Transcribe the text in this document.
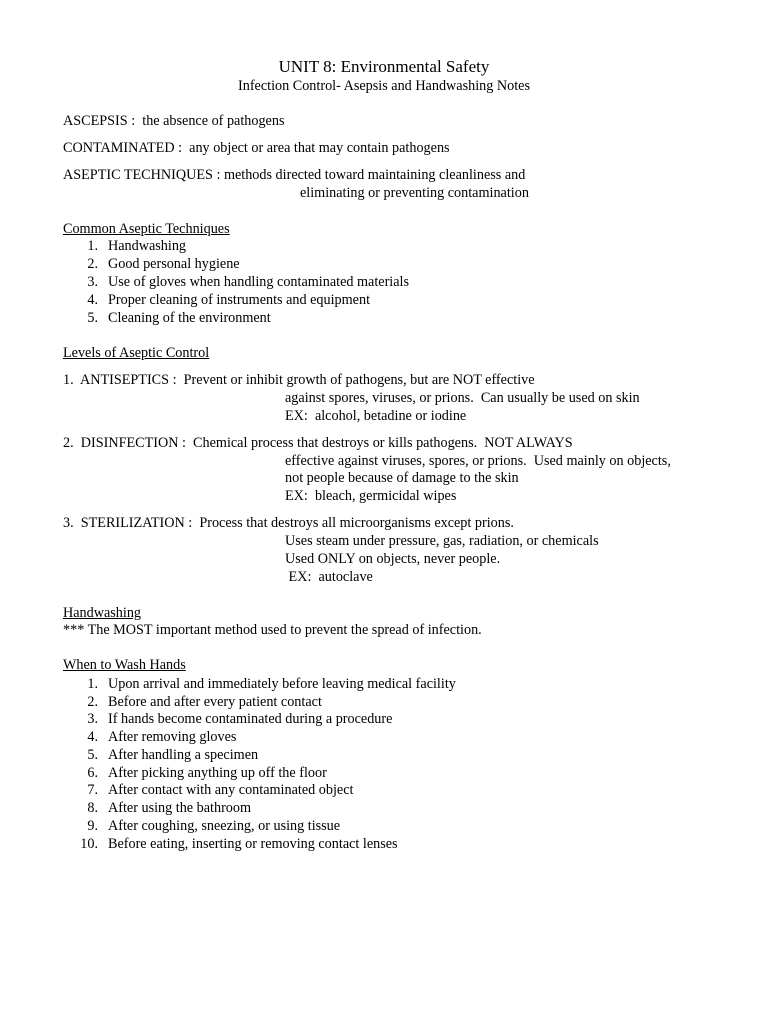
UNIT 8: Environmental Safety
Infection Control- Asepsis and Handwashing Notes
ASCEPSIS : the absence of pathogens
CONTAMINATED : any object or area that may contain pathogens
ASEPTIC TECHNIQUES : methods directed toward maintaining cleanliness and
eliminating or preventing contamination
Common Aseptic Techniques
1. Handwashing
2. Good personal hygiene
3. Use of gloves when handling contaminated materials
4. Proper cleaning of instruments and equipment
5. Cleaning of the environment
Levels of Aseptic Control
1.  ANTISEPTICS :  Prevent or inhibit growth of pathogens, but are NOT effective
against spores, viruses, or prions.  Can usually be used on skin
EX:  alcohol, betadine or iodine
2.  DISINFECTION :  Chemical process that destroys or kills pathogens.  NOT ALWAYS
effective against viruses, spores, or prions.  Used mainly on objects,
not people because of damage to the skin
EX:  bleach, germicidal wipes
3.  STERILIZATION :  Process that destroys all microorganisms except prions.
Uses steam under pressure, gas, radiation, or chemicals
Used ONLY on objects, never people.
EX:  autoclave
Handwashing
*** The MOST important method used to prevent the spread of infection.
When to Wash Hands
1. Upon arrival and immediately before leaving medical facility
2. Before and after every patient contact
3. If hands become contaminated during a procedure
4. After removing gloves
5. After handling a specimen
6. After picking anything up off the floor
7. After contact with any contaminated object
8. After using the bathroom
9. After coughing, sneezing, or using tissue
10. Before eating, inserting or removing contact lenses
